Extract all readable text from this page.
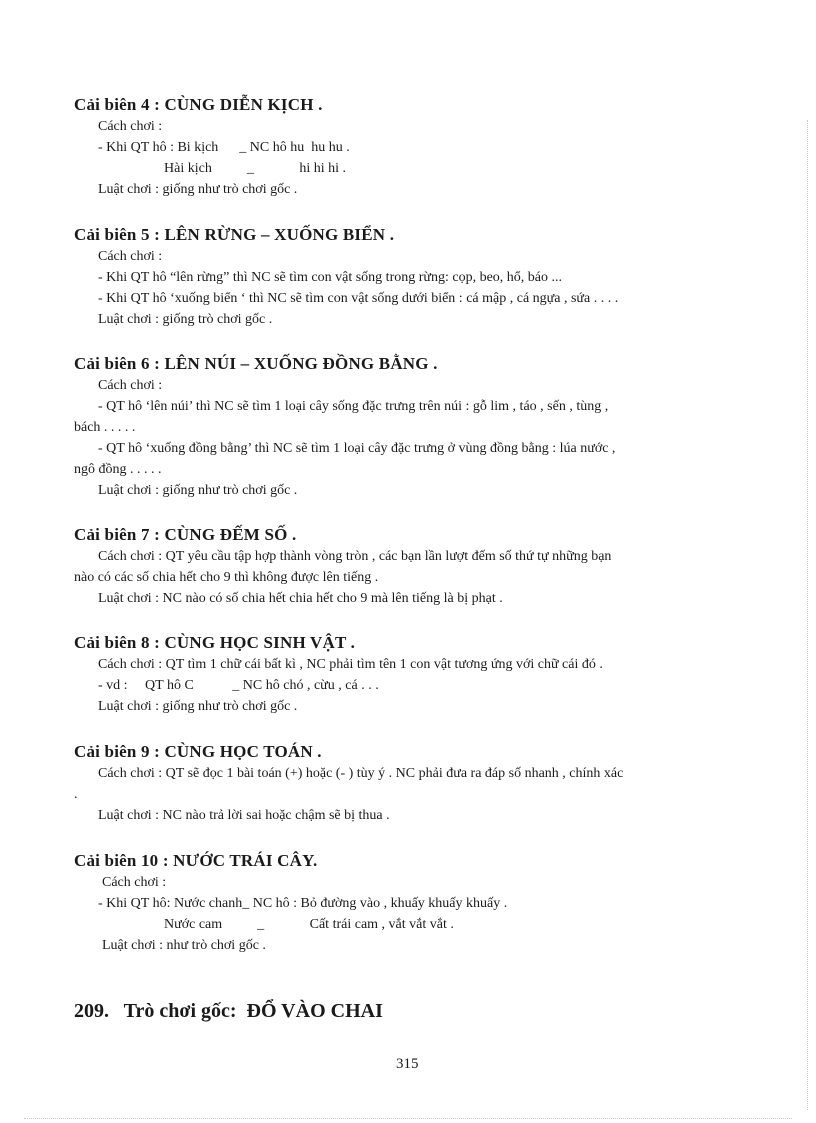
Cải biên 4 : CÙNG DIỄN KỊCH .
Cách chơi :
- Khi QT hô : Bi kịch      _ NC hô hu  hu hu .
Hài kịch          _             hi hi hi .
Luật chơi : giống như trò chơi gốc .
Cải biên 5 : LÊN RỪNG – XUỐNG BIỂN .
Cách chơi :
- Khi QT hô “lên rừng” thì NC sẽ tìm con vật sống trong rừng: cọp, beo, hổ, báo ...
- Khi QT hô ‘xuống biển ‘ thì NC sẽ tìm con vật sống dưới biển : cá mập , cá ngựa , sứa . . . .
Luật chơi : giống trò chơi gốc .
Cải biên 6 : LÊN NÚI – XUỐNG ĐỒNG BẰNG .
Cách chơi :
- QT hô ‘lên núi’ thì NC sẽ tìm 1 loại cây sống đặc trưng trên núi : gỗ lim , táo , sến , tùng ,
bách . . . . .
- QT hô ‘xuống đồng bằng’ thì NC sẽ tìm 1 loại cây đặc trưng ở vùng đồng bằng : lúa nước ,
ngô đồng . . . . .
Luật chơi : giống như trò chơi gốc .
Cải biên 7 : CÙNG ĐẾM SỐ .
Cách chơi : QT yêu cầu tập hợp thành vòng tròn , các bạn lần lượt đếm số thứ tự những bạn
nào có các số chia hết cho 9 thì không được lên tiếng .
Luật chơi : NC nào có số chia hết chia hết cho 9 mà lên tiếng là bị phạt .
Cải biên 8 : CÙNG HỌC SINH VẬT .
Cách chơi : QT tìm 1 chữ cái bất kì , NC phải tìm tên 1 con vật tương ứng với chữ cái đó .
- vd :     QT hô C           _ NC hô chó , cừu , cá . . .
Luật chơi : giống như trò chơi gốc .
Cải biên 9 : CÙNG HỌC TOÁN .
Cách chơi : QT sẽ đọc 1 bài toán (+) hoặc (- ) tùy ý . NC phải đưa ra đáp số nhanh , chính xác
.
Luật chơi : NC nào trả lời sai hoặc chậm sẽ bị thua .
Cải biên 10 : NƯỚC TRÁI CÂY.
Cách chơi :
- Khi QT hô: Nước chanh_ NC hô : Bỏ đường vào , khuấy khuấy khuấy .
Nước cam          _             Cất trái cam , vắt vắt vắt .
Luật chơi : như trò chơi gốc .
209.   Trò chơi gốc:  ĐỔ VÀO CHAI
315
